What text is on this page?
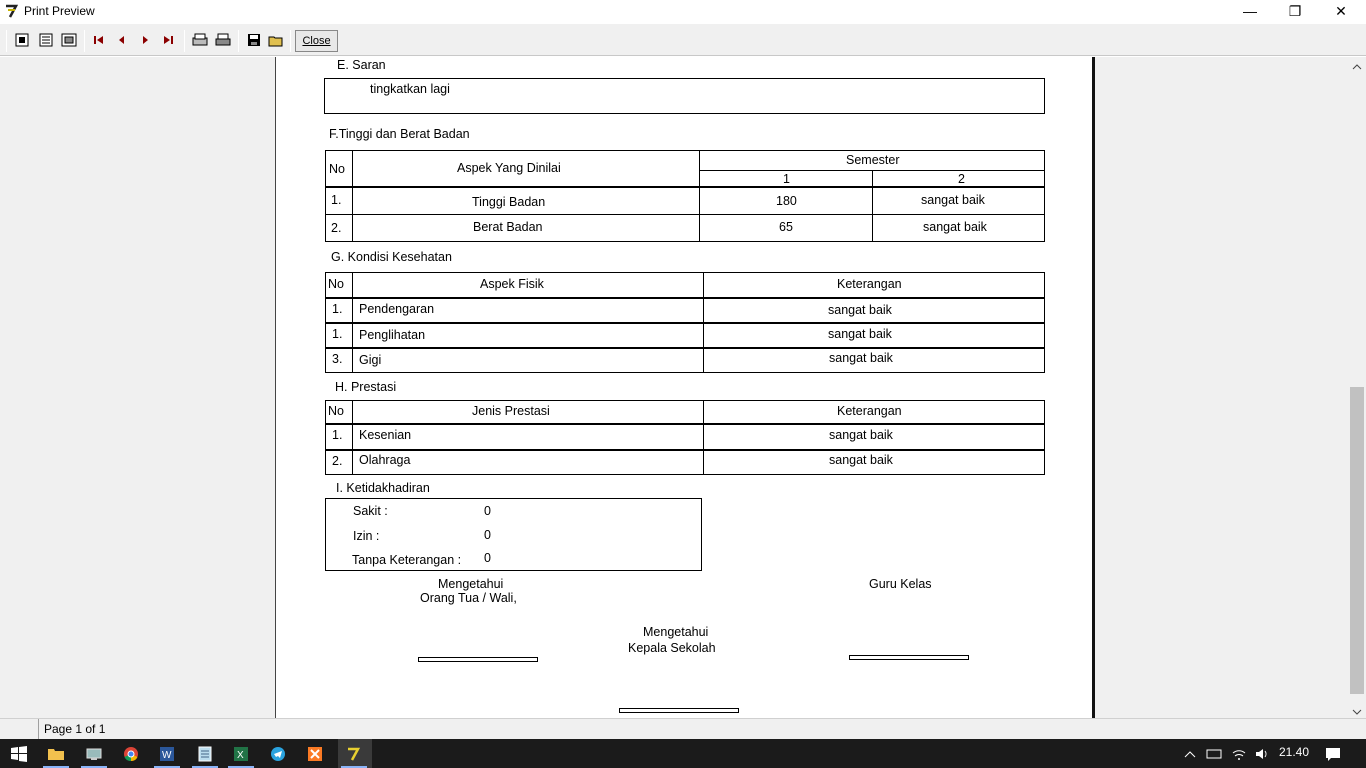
Print Preview	—	❐	✕
Close
E. Saran
tingkatkan lagi
F.Tinggi dan Berat Badan
No	Aspek Yang Dinilai
Semester
1	2
1.	Tinggi Badan	180	sangat baik
2.	Berat Badan	65	sangat baik
G. Kondisi Kesehatan
No	Aspek Fisik	Keterangan
1. Pendengaran	sangat baik
1. Penglihatan	sangat baik
3. Gigi	sangat baik
H. Prestasi
No	Jenis Prestasi	Keterangan
1. Kesenian	sangat baik
2. Olahraga	sangat baik
I. Ketidakhadiran
Sakit :	0
Izin :	0
Tanpa Keterangan : 0
Mengetahui
Orang Tua / Wali,
Guru Kelas
Mengetahui
Kepala Sekolah
Page 1 of 1
W	X	21.40
